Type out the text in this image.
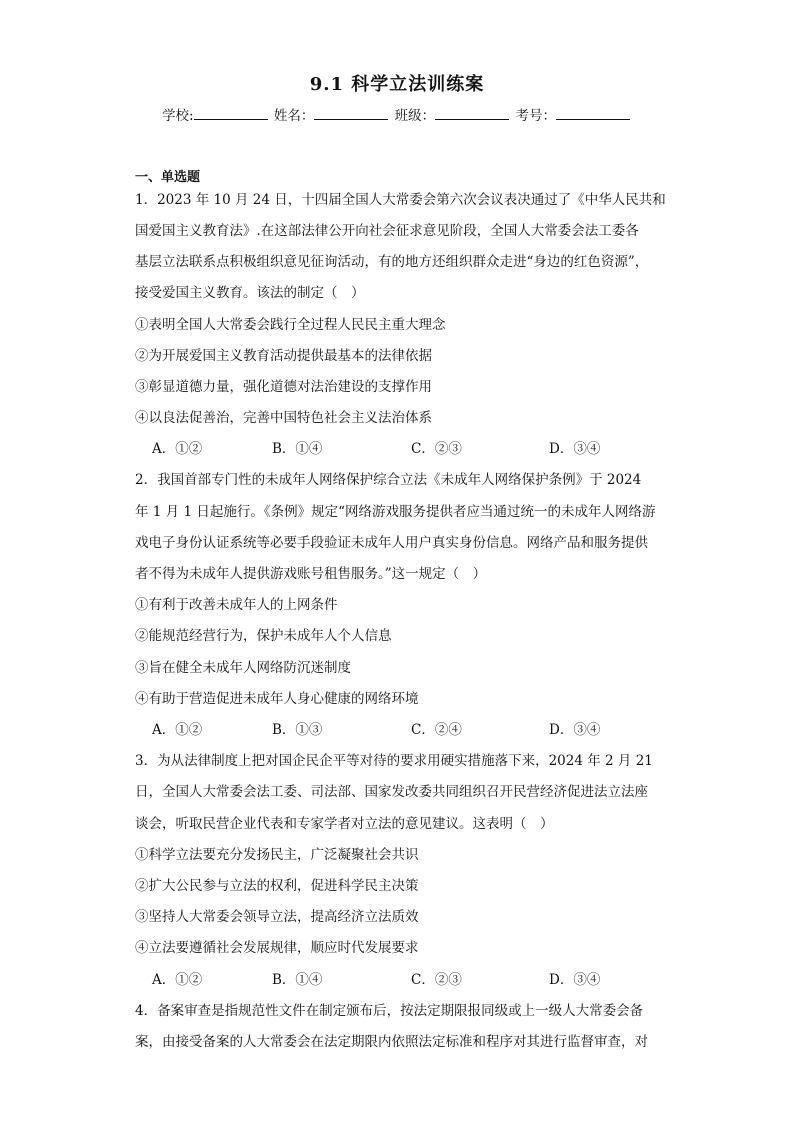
9.1 科学立法训练案
学校:	姓名：	班级：	考号：
一、单选题
1．2023 年 10 月 24 日，十四届全国人大常委会第六次会议表决通过了《中华人民共和
国爱国主义教育法》.在这部法律公开向社会征求意见阶段，全国人大常委会法工委各
基层立法联系点积极组织意见征询活动，有的地方还组织群众走进“身边的红色资源”，
接受爱国主义教育。该法的制定（　）
①表明全国人大常委会践行全过程人民民主重大理念
②为开展爱国主义教育活动提供最基本的法律依据
③彰显道德力量，强化道德对法治建设的支撑作用
④以良法促善治，完善中国特色社会主义法治体系
A．①②	B．①④	C．②③	D．③④
2．我国首部专门性的未成年人网络保护综合立法《未成年人网络保护条例》于 2024
年 1 月 1 日起施行。《条例》规定“网络游戏服务提供者应当通过统一的未成年人网络游
戏电子身份认证系统等必要手段验证未成年人用户真实身份信息。网络产品和服务提供
者不得为未成年人提供游戏账号租售服务。”这一规定（　）
①有利于改善未成年人的上网条件
②能规范经营行为，保护未成年人个人信息
③旨在健全未成年人网络防沉迷制度
④有助于营造促进未成年人身心健康的网络环境
A．①②	B．①③	C．②④	D．③④
3．为从法律制度上把对国企民企平等对待的要求用硬实措施落下来，2024 年 2 月 21
日，全国人大常委会法工委、司法部、国家发改委共同组织召开民营经济促进法立法座
谈会，听取民营企业代表和专家学者对立法的意见建议。这表明（　）
①科学立法要充分发扬民主，广泛凝聚社会共识
②扩大公民参与立法的权利，促进科学民主决策
③坚持人大常委会领导立法，提高经济立法质效
④立法要遵循社会发展规律，顺应时代发展要求
A．①②	B．①④	C．②③	D．③④
4．备案审查是指规范性文件在制定颁布后，按法定期限报同级或上一级人大常委会备
案，由接受备案的人大常委会在法定期限内依照法定标准和程序对其进行监督审查，对
